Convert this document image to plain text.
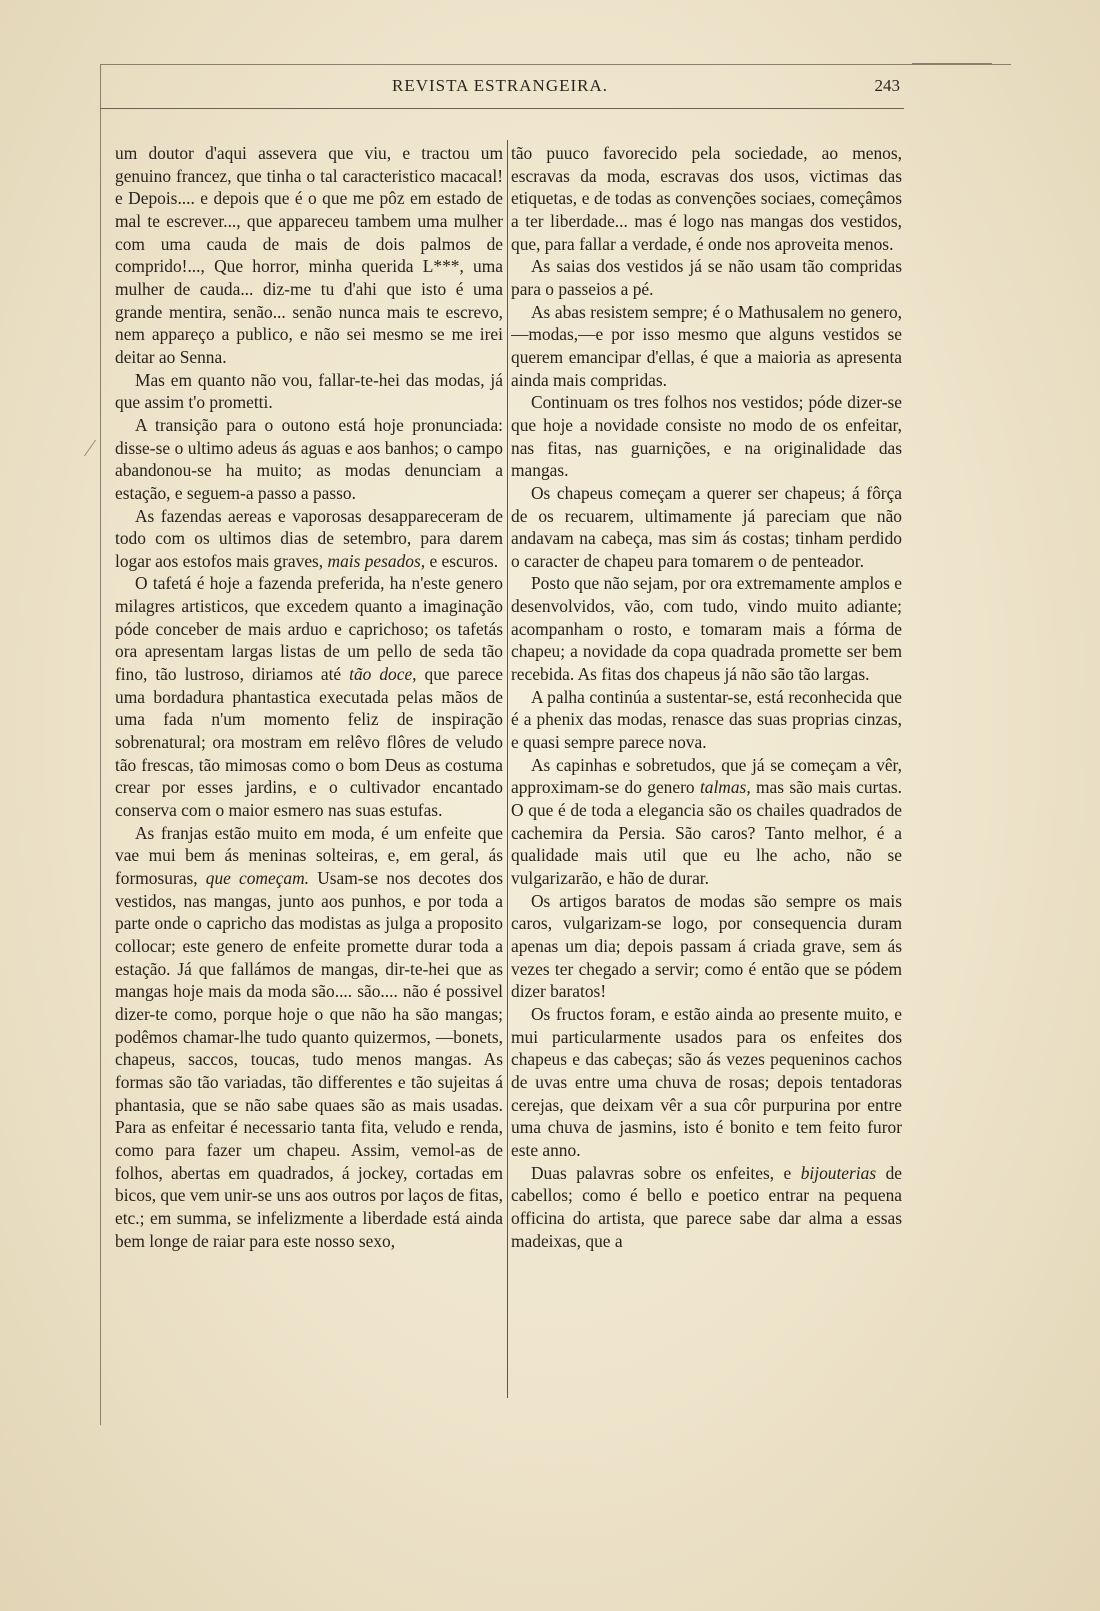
REVISTA ESTRANGEIRA.	243

um doutor d'aqui assevera que viu, e tractou um genuino francez, que tinha o tal caracteristico macacal! e Depois.... e depois que é o que me pôz em estado de mal te escrever..., que appareceu tambem uma mulher com uma cauda de mais de dois palmos de comprido!..., Que horror, minha querida L***, uma mulher de cauda... diz-me tu d'ahi que isto é uma grande mentira, senão... senão nunca mais te escrevo, nem appareço a publico, e não sei mesmo se me irei deitar ao Senna.

Mas em quanto não vou, fallar-te-hei das modas, já que assim t'o prometti.

A transição para o outono está hoje pronunciada: disse-se o ultimo adeus ás aguas e aos banhos; o campo abandonou-se ha muito; as modas denunciam a estação, e seguem-a passo a passo.

As fazendas aereas e vaporosas desappareceram de todo com os ultimos dias de setembro, para darem logar aos estofos mais graves, mais pesados, e escuros.

O tafetá é hoje a fazenda preferida, ha n'este genero milagres artisticos, que excedem quanto a imaginação póde conceber de mais arduo e caprichoso; os tafetás ora apresentam largas listas de um pello de seda tão fino, tão lustroso, diriamos até tão doce, que parece uma bordadura phantastica executada pelas mãos de uma fada n'um momento feliz de inspiração sobrenatural; ora mostram em relêvo flôres de veludo tão frescas, tão mimosas como o bom Deus as costuma crear por esses jardins, e o cultivador encantado conserva com o maior esmero nas suas estufas.

As franjas estão muito em moda, é um enfeite que vae mui bem ás meninas solteiras, e, em geral, ás formosuras, que começam. Usam-se nos decotes dos vestidos, nas mangas, junto aos punhos, e por toda a parte onde o capricho das modistas as julga a proposito collocar; este genero de enfeite promette durar toda a estação. Já que fallámos de mangas, dir-te-hei que as mangas hoje mais da moda são.... são.... não é possivel dizer-te como, porque hoje o que não ha são mangas; podêmos chamar-lhe tudo quanto quizermos, —bonets, chapeus, saccos, toucas, tudo menos mangas. As formas são tão variadas, tão differentes e tão sujeitas á phantasia, que se não sabe quaes são as mais usadas. Para as enfeitar é necessario tanta fita, veludo e renda, como para fazer um chapeu. Assim, vemol-as de folhos, abertas em quadrados, á jockey, cortadas em bicos, que vem unir-se uns aos outros por laços de fitas, etc.; em summa, se infelizmente a liberdade está ainda bem longe de raiar para este nosso sexo,

tão puuco favorecido pela sociedade, ao menos, escravas da moda, escravas dos usos, victimas das etiquetas, e de todas as convenções sociaes, começâmos a ter liberdade... mas é logo nas mangas dos vestidos, que, para fallar a verdade, é onde nos aproveita menos.

As saias dos vestidos já se não usam tão compridas para o passeios a pé.

As abas resistem sempre; é o Mathusalem no genero,—modas,—e por isso mesmo que alguns vestidos se querem emancipar d'ellas, é que a maioria as apresenta ainda mais compridas.

Continuam os tres folhos nos vestidos; póde dizer-se que hoje a novidade consiste no modo de os enfeitar, nas fitas, nas guarnições, e na originalidade das mangas.

Os chapeus começam a querer ser chapeus; á fôrça de os recuarem, ultimamente já pareciam que não andavam na cabeça, mas sim ás costas; tinham perdido o caracter de chapeu para tomarem o de penteador.

Posto que não sejam, por ora extremamente amplos e desenvolvidos, vão, com tudo, vindo muito adiante; acompanham o rosto, e tomaram mais a fórma de chapeu; a novidade da copa quadrada promette ser bem recebida. As fitas dos chapeus já não são tão largas.

A palha continúa a sustentar-se, está reconhecida que é a phenix das modas, renasce das suas proprias cinzas, e quasi sempre parece nova.

As capinhas e sobretudos, que já se começam a vêr, approximam-se do genero talmas, mas são mais curtas. O que é de toda a elegancia são os chailes quadrados de cachemira da Persia. São caros? Tanto melhor, é a qualidade mais util que eu lhe acho, não se vulgarizarão, e hão de durar.

Os artigos baratos de modas são sempre os mais caros, vulgarizam-se logo, por consequencia duram apenas um dia; depois passam á criada grave, sem ás vezes ter chegado a servir; como é então que se pódem dizer baratos!

Os fructos foram, e estão ainda ao presente muito, e mui particularmente usados para os enfeites dos chapeus e das cabeças; são ás vezes pequeninos cachos de uvas entre uma chuva de rosas; depois tentadoras cerejas, que deixam vêr a sua côr purpurina por entre uma chuva de jasmins, isto é bonito e tem feito furor este anno.

Duas palavras sobre os enfeites, e bijouterias de cabellos; como é bello e poetico entrar na pequena officina do artista, que parece sabe dar alma a essas madeixas, que a

⁄
